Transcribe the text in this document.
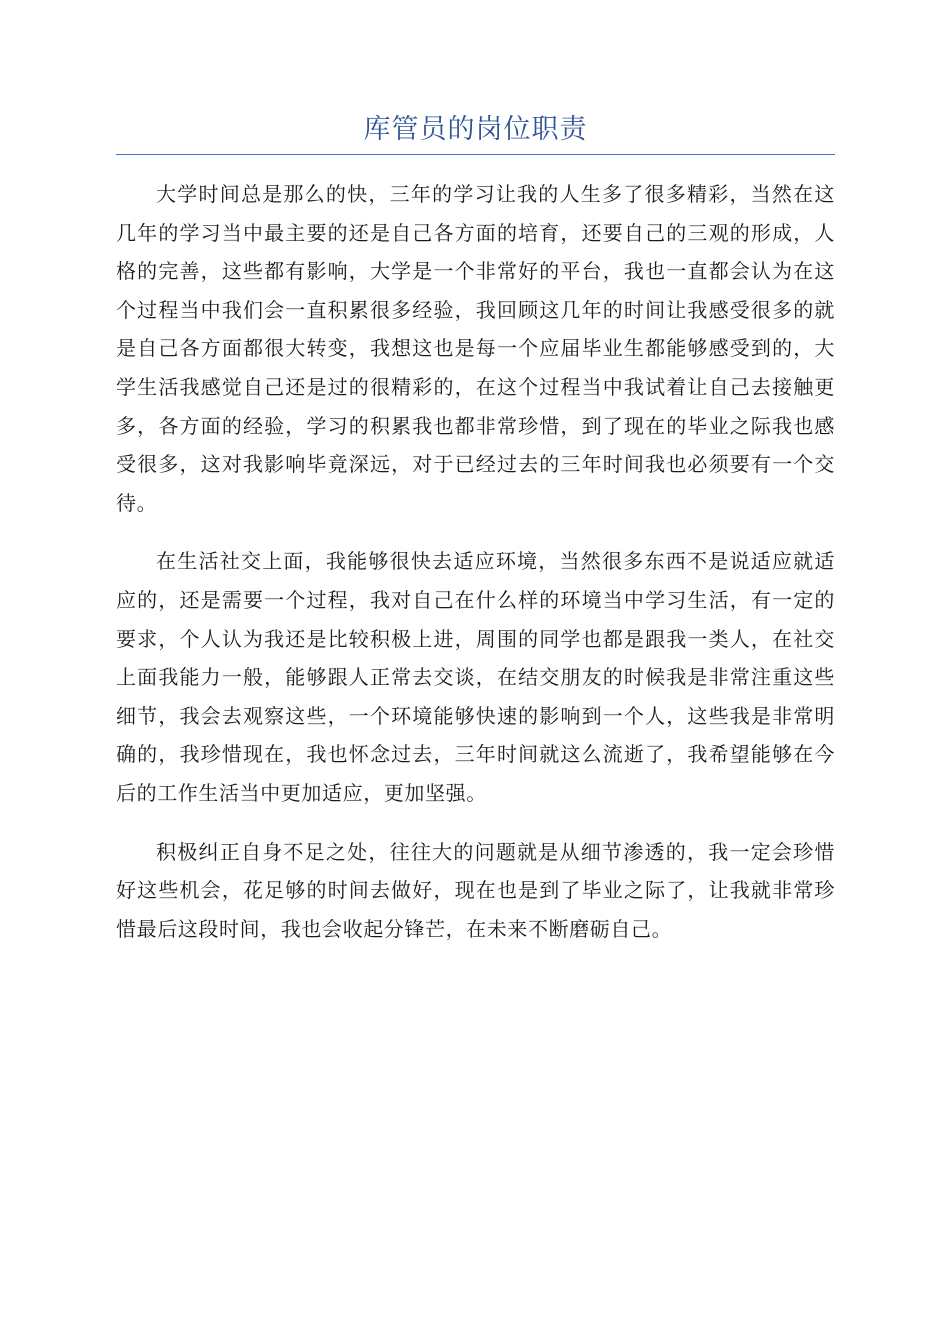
库管员的岗位职责

大学时间总是那么的快，三年的学习让我的人生多了很多精彩，当然在这几年的学习当中最主要的还是自己各方面的培育，还要自己的三观的形成，人格的完善，这些都有影响，大学是一个非常好的平台，我也一直都会认为在这个过程当中我们会一直积累很多经验，我回顾这几年的时间让我感受很多的就是自己各方面都很大转变，我想这也是每一个应届毕业生都能够感受到的，大学生活我感觉自己还是过的很精彩的，在这个过程当中我试着让自己去接触更多，各方面的经验，学习的积累我也都非常珍惜，到了现在的毕业之际我也感受很多，这对我影响毕竟深远，对于已经过去的三年时间我也必须要有一个交待。

在生活社交上面，我能够很快去适应环境，当然很多东西不是说适应就适应的，还是需要一个过程，我对自己在什么样的环境当中学习生活，有一定的要求，个人认为我还是比较积极上进，周围的同学也都是跟我一类人，在社交上面我能力一般，能够跟人正常去交谈，在结交朋友的时候我是非常注重这些细节，我会去观察这些，一个环境能够快速的影响到一个人，这些我是非常明确的，我珍惜现在，我也怀念过去，三年时间就这么流逝了，我希望能够在今后的工作生活当中更加适应，更加坚强。

积极纠正自身不足之处，往往大的问题就是从细节渗透的，我一定会珍惜好这些机会，花足够的时间去做好，现在也是到了毕业之际了，让我就非常珍惜最后这段时间，我也会收起分锋芒，在未来不断磨砺自己。
